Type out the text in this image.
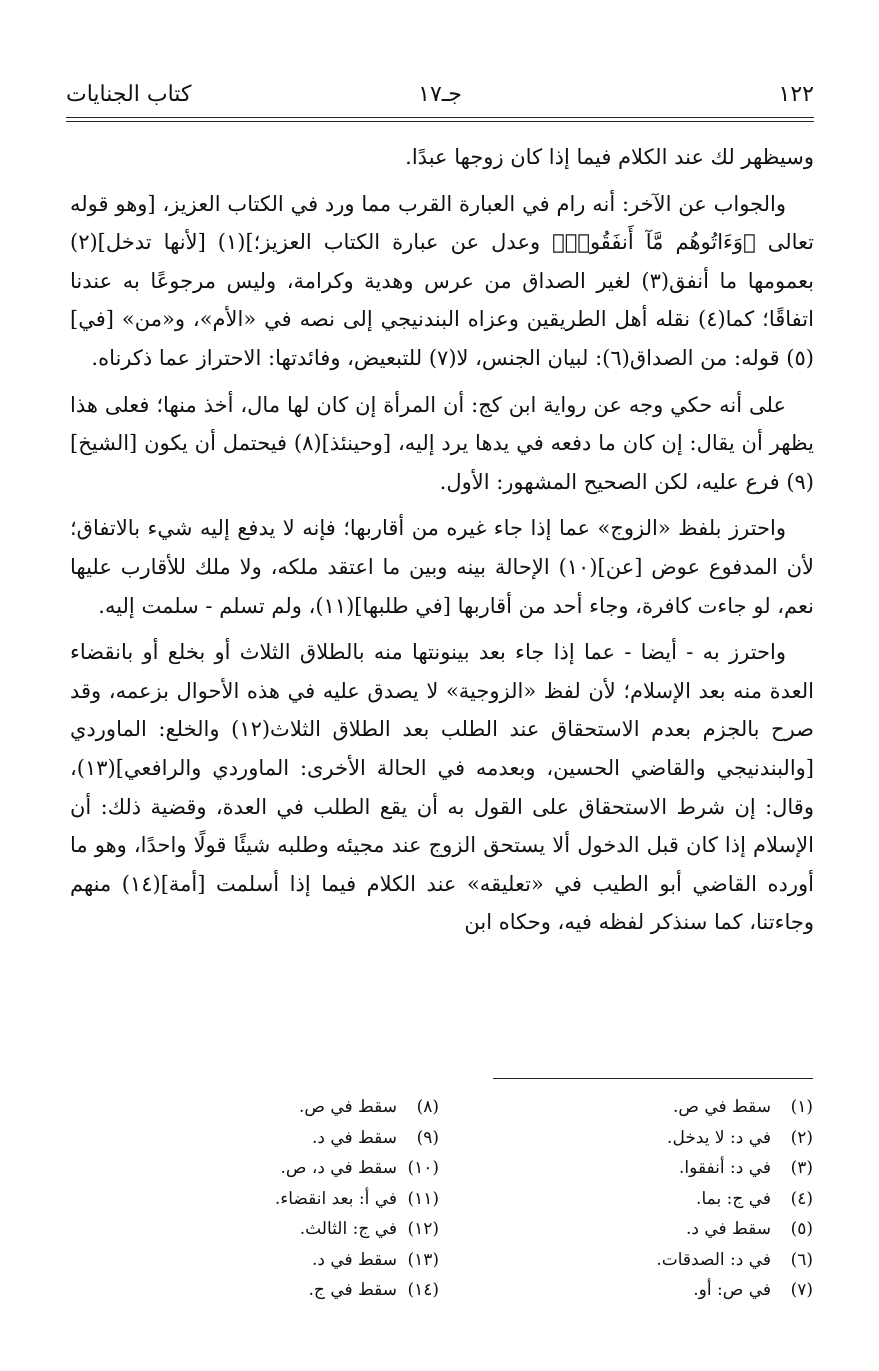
١٢٢
جـ١٧
كتاب الجنايات

وسيظهر لك عند الكلام فيما إذا كان زوجها عبدًا.

والجواب عن الآخر: أنه رام في العبارة القرب مما ورد في الكتاب العزيز، [وهو قوله تعالى ﴿وَءَاتُوهُم مَّآ أَنفَقُوا۟﴾ وعدل عن عبارة الكتاب العزيز؛](١) [لأنها تدخل](٢) بعمومها ما أنفق(٣) لغير الصداق من عرس وهدية وكرامة، وليس مرجوعًا به عندنا اتفاقًا؛ كما(٤) نقله أهل الطريقين وعزاه البندنيجي إلى نصه في «الأم»، و«من» [في](٥) قوله: من الصداق(٦): لبيان الجنس، لا(٧) للتبعيض، وفائدتها: الاحتراز عما ذكرناه.

على أنه حكي وجه عن رواية ابن كج: أن المرأة إن كان لها مال، أخذ منها؛ فعلى هذا يظهر أن يقال: إن كان ما دفعه في يدها يرد إليه، [وحينئذ](٨) فيحتمل أن يكون [الشيخ](٩) فرع عليه، لكن الصحيح المشهور: الأول.

واحترز بلفظ «الزوج» عما إذا جاء غيره من أقاربها؛ فإنه لا يدفع إليه شيء بالاتفاق؛ لأن المدفوع عوض [عن](١٠) الإحالة بينه وبين ما اعتقد ملكه، ولا ملك للأقارب عليها نعم، لو جاءت كافرة، وجاء أحد من أقاربها [في طلبها](١١)، ولم تسلم - سلمت إليه.

واحترز به - أيضا - عما إذا جاء بعد بينونتها منه بالطلاق الثلاث أو بخلع أو بانقضاء العدة منه بعد الإسلام؛ لأن لفظ «الزوجية» لا يصدق عليه في هذه الأحوال بزعمه، وقد صرح بالجزم بعدم الاستحقاق عند الطلب بعد الطلاق الثلاث(١٢) والخلع: الماوردي [والبندنيجي والقاضي الحسين، وبعدمه في الحالة الأخرى: الماوردي والرافعي](١٣)، وقال: إن شرط الاستحقاق على القول به أن يقع الطلب في العدة، وقضية ذلك: أن الإسلام إذا كان قبل الدخول ألا يستحق الزوج عند مجيئه وطلبه شيئًا قولًا واحدًا، وهو ما أورده القاضي أبو الطيب في «تعليقه» عند الكلام فيما إذا أسلمت [أمة](١٤) منهم وجاءتنا، كما سنذكر لفظه فيه، وحكاه ابن

(١)سقط في ص.
(٢)في د: لا يدخل.
(٣)في د: أنفقوا.
(٤)في ج: بما.
(٥)سقط في د.
(٦)في د: الصدقات.
(٧)في ص: أو.
(٨)سقط في ص.
(٩)سقط في د.
(١٠)سقط في د، ص.
(١١)في أ: بعد انقضاء.
(١٢)في ج: الثالث.
(١٣)سقط في د.
(١٤)سقط في ج.
